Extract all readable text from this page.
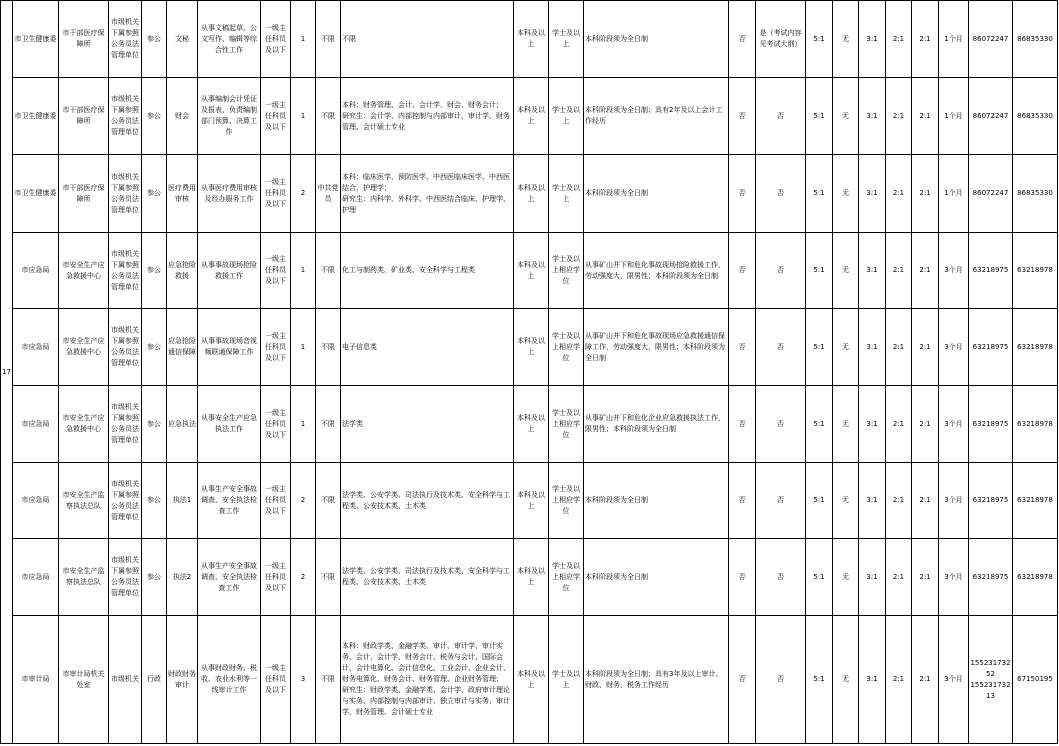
17	市卫生健康委	市干部医疗保障所	市级机关下属参照公务员法管理单位	参公	文秘	从事文稿起草、公文写作、编辑等综合性工作	一级主任科员及以下	1	不限	不限	本科及以上	学士及以上	本科阶段须为全日制	否	是（考试内容见考试大纲）	5:1	无	3:1	2:1	2:1	1个月	86072247	86835330
	市卫生健康委	市干部医疗保障所	市级机关下属参照公务员法管理单位	参公	财会	从事编制会计凭证及报表、负责编制部门预算、决算工作	一级主任科员及以下	1	不限	本科：财务管理、会计、会计学、财会、财务会计；
研究生：会计学、内部控制与内部审计、审计学、财务管理、会计硕士专业	本科及以上	学士及以上	本科阶段须为全日制；具有2年及以上会计工作经历	否	否	5:1	无	3:1	2:1	2:1	1个月	86072247	86835330
	市卫生健康委	市干部医疗保障所	市级机关下属参照公务员法管理单位	参公	医疗费用审核	从事医疗费用审核及经办服务工作	一级主任科员及以下	2	中共党员	本科：临床医学、预防医学、中西医临床医学、中西医结合、护理学；
研究生：内科学、外科学、中西医结合临床、护理学、护理	本科及以上	学士及以上	本科阶段须为全日制	否	否	5:1	无	3:1	2:1	2:1	1个月	86072247	86835330
	市应急局	市安全生产应急救援中心	市级机关下属参照公务员法管理单位	参公	应急抢险救援	从事事故现场抢险救援工作	一级主任科员及以下	1	不限	化工与制药类、矿业类、安全科学与工程类	本科及以上	学士及以上相应学位	从事矿山井下和危化事故现场抢险救援工作，劳动强度大，限男性；本科阶段须为全日制	否	否	5:1	无	3:1	2:1	2:1	3个月	63218975	63218978
	市应急局	市安全生产应急救援中心	市级机关下属参照公务员法管理单位	参公	应急抢险通信保障	从事事故现场音视频联通保障工作	一级主任科员及以下	1	不限	电子信息类	本科及以上	学士及以上相应学位	从事矿山井下和危化事故现场应急救援通信保障工作，劳动强度大，限男性；本科阶段须为全日制	否	否	5:1	无	3:1	2:1	2:1	3个月	63218975	63218978
	市应急局	市安全生产应急救援中心	市级机关下属参照公务员法管理单位	参公	应急执法	从事安全生产应急执法工作	一级主任科员及以下	1	不限	法学类	本科及以上	学士及以上相应学位	从事矿山井下和危化企业应急救援执法工作，限男性；本科阶段须为全日制	否	否	5:1	无	3:1	2:1	2:1	3个月	63218975	63218978
	市应急局	市安全生产监察执法总队	市级机关下属参照公务员法管理单位	参公	执法1	从事生产安全事故调查、安全执法检查工作	一级主任科员及以下	2	不限	法学类、公安学类、司法执行及技术类、安全科学与工程类、公安技术类、土木类	本科及以上	学士及以上相应学位	本科阶段须为全日制	否	否	5:1	无	3:1	2:1	2:1	3个月	63218975	63218978
	市应急局	市安全生产监察执法总队	市级机关下属参照公务员法管理单位	参公	执法2	从事生产安全事故调查、安全执法检查工作	一级主任科员及以下	2	不限	法学类、公安学类、司法执行及技术类、安全科学与工程类、公安技术类、土木类	本科及以上	学士及以上相应学位	本科阶段须为全日制	否	否	5:1	无	3:1	2:1	2:1	3个月	63218975	63218978
	市审计局	市审计局机关处室	市级机关	行政	财政财务审计	从事财政财务、税收、农业水利等一线审计工作	一级主任科员及以下	3	不限	本科：财政学类、金融学类、审计、审计学、审计实务、会计、会计学、财务会计、税务与会计、国际会计、会计电算化、会计信息化、工业会计、企业会计、财务电算化、财务会计、财务管理、企业财务管理；
研究生：财政学类、金融学类、会计学、政府审计理论与实务、内部控制与内部审计、独立审计与实务、审计学、财务管理、会计硕士专业	本科及以上	学士及以上	本科阶段须为全日制；具有3年及以上审计、财政、财务、税务工作经历	否	否	5:1	无	3:1	2:1	2:1	3个月	15523173252
15523173213	67150195
